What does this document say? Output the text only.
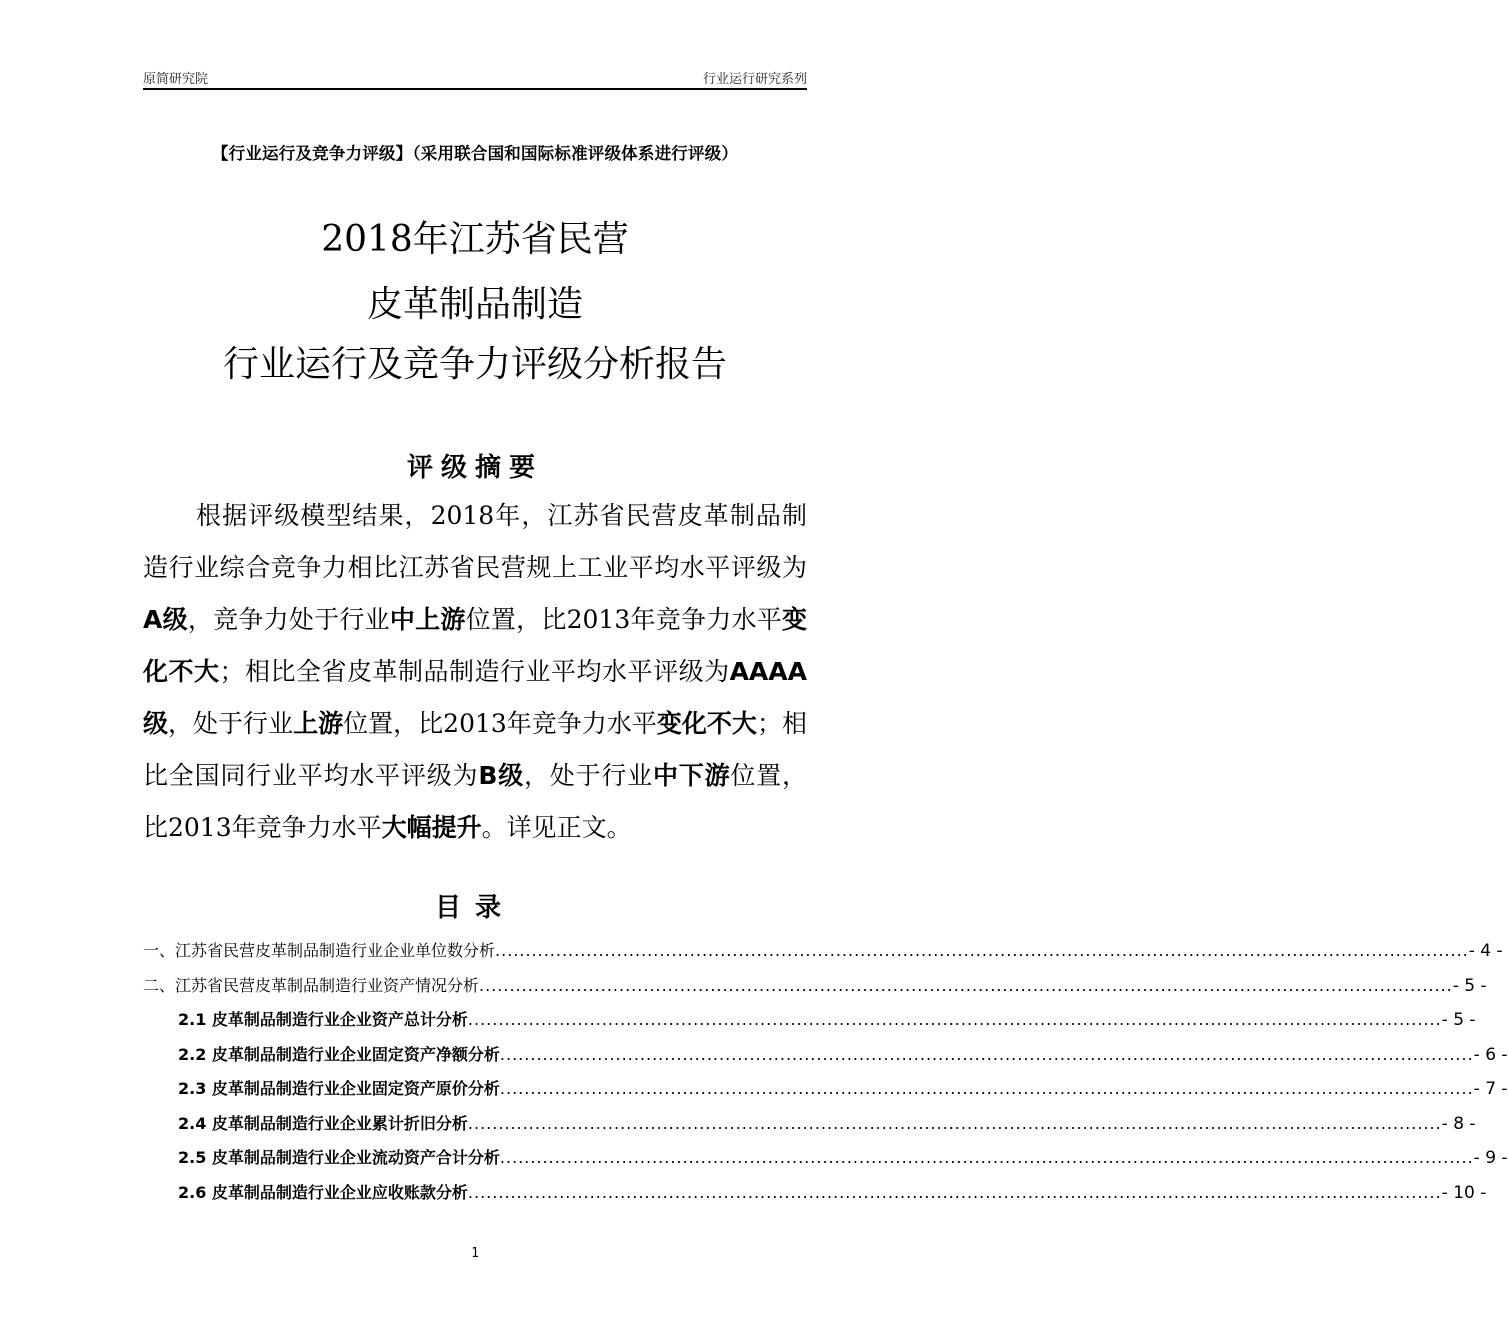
原简研究院	行业运行研究系列
【行业运行及竞争力评级】（采用联合国和国际标准评级体系进行评级）
2018年江苏省民营
皮革制品制造
行业运行及竞争力评级分析报告
评级摘要

根据评级模型结果，2018年，江苏省民营皮革制品制造行业综合竞争力相比江苏省民营规上工业平均水平评级为A级，竞争力处于行业中上游位置，比2013年竞争力水平变化不大；相比全省皮革制品制造行业平均水平评级为AAAA级，处于行业上游位置，比2013年竞争力水平变化不大；相比全国同行业平均水平评级为B级，处于行业中下游位置，比2013年竞争力水平大幅提升。详见正文。

目录
一、江苏省民营皮革制品制造行业企业单位数分析 ................................................................................................................................................................ - 4 -
二、江苏省民营皮革制品制造行业资产情况分析 ................................................................................................................................................................ - 5 -
2.1 皮革制品制造行业企业资产总计分析 ................................................................................................................................................................ - 5 -
2.2 皮革制品制造行业企业固定资产净额分析 ................................................................................................................................................................ - 6 -
2.3 皮革制品制造行业企业固定资产原价分析 ................................................................................................................................................................ - 7 -
2.4 皮革制品制造行业企业累计折旧分析 ................................................................................................................................................................ - 8 -
2.5 皮革制品制造行业企业流动资产合计分析 ................................................................................................................................................................ - 9 -
2.6 皮革制品制造行业企业应收账款分析 ................................................................................................................................................................ - 10 -
1
